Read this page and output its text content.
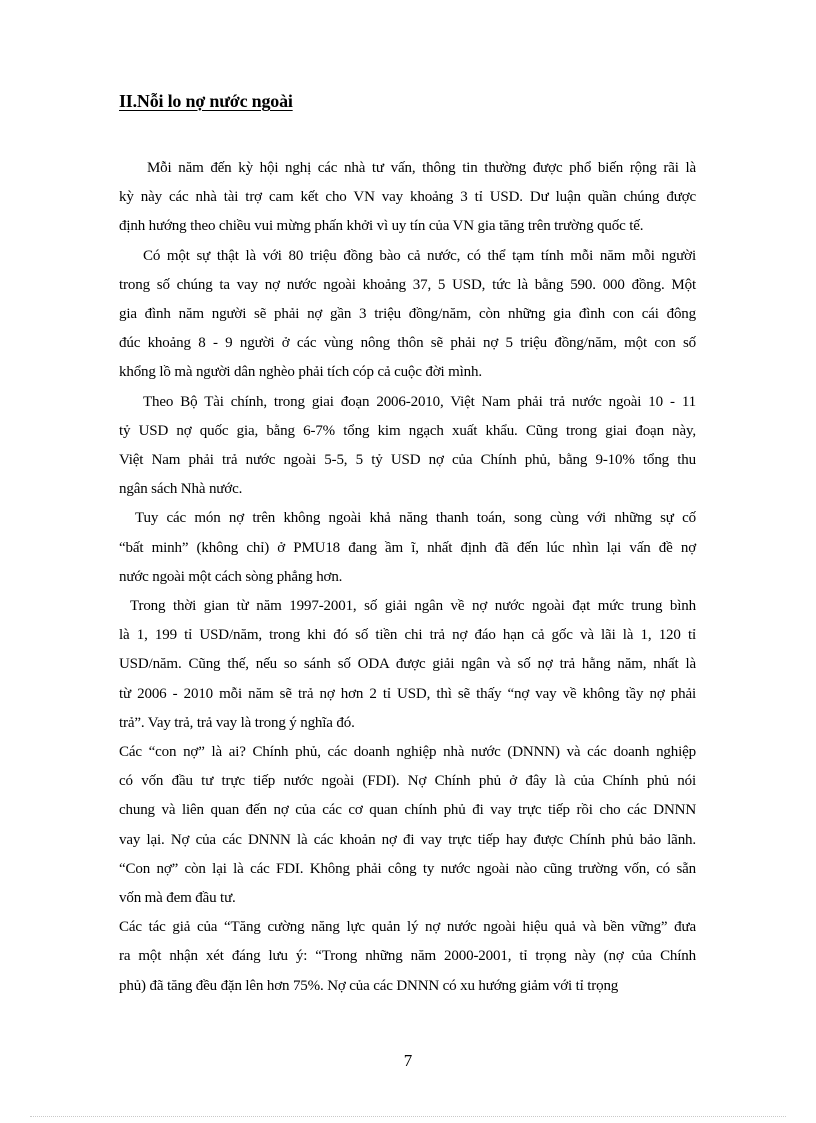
II.Nỗi lo nợ nước ngoài

Mỗi năm đến kỳ hội nghị các nhà tư vấn, thông tin thường được phổ biến rộng rãi là
kỳ này các nhà tài trợ cam kết cho VN vay khoảng 3 tỉ USD. Dư luận quần chúng được
định hướng theo chiều vui mừng phấn khởi vì uy tín của VN gia tăng trên trường quốc tế.

Có một sự thật là với 80 triệu đồng bào cả nước, có thể tạm tính mỗi năm mỗi người
trong số chúng ta vay nợ nước ngoài khoảng 37, 5 USD, tức là bằng 590. 000 đồng. Một
gia đình năm người sẽ phải nợ gần 3 triệu đồng/năm, còn những gia đình con cái đông
đúc khoảng 8 - 9 người ở các vùng nông thôn sẽ phải nợ 5 triệu đồng/năm, một con số
khổng lồ mà người dân nghèo phải tích cóp cả cuộc đời mình.

Theo Bộ Tài chính, trong giai đoạn 2006-2010, Việt Nam phải trả nước ngoài 10 - 11
tỷ USD nợ quốc gia, bằng 6-7% tổng kim ngạch xuất khẩu. Cũng trong giai đoạn này,
Việt Nam phải trả nước ngoài 5-5, 5 tỷ USD nợ của Chính phủ, bằng 9-10% tổng thu
ngân sách Nhà nước.

Tuy các món nợ trên không ngoài khả năng thanh toán, song cùng với những sự cố
“bất minh” (không chỉ) ở PMU18 đang ầm ĩ, nhất định đã đến lúc nhìn lại vấn đề nợ
nước ngoài một cách sòng phẳng hơn.

Trong thời gian từ năm 1997-2001, số giải ngân về nợ nước ngoài đạt mức trung bình
là 1, 199 tỉ USD/năm, trong khi đó số tiền chi trả nợ đáo hạn cả gốc và lãi là 1, 120 tỉ
USD/năm. Cũng thế, nếu so sánh số ODA được giải ngân và số nợ trả hằng năm, nhất là
từ 2006 - 2010 mỗi năm sẽ trả nợ hơn 2 tỉ USD, thì sẽ thấy “nợ vay về không tầy nợ phải
trả”. Vay trả, trả vay là trong ý nghĩa đó.

Các “con nợ” là ai? Chính phủ, các doanh nghiệp nhà nước (DNNN) và các doanh nghiệp
có vốn đầu tư trực tiếp nước ngoài (FDI). Nợ Chính phủ ở đây là của Chính phủ nói
chung và liên quan đến nợ của các cơ quan chính phủ đi vay trực tiếp rồi cho các DNNN
vay lại. Nợ của các DNNN là các khoản nợ đi vay trực tiếp hay được Chính phủ bảo lãnh.
“Con nợ” còn lại là các FDI. Không phải công ty nước ngoài nào cũng trường vốn, có sẵn
vốn mà đem đầu tư.

Các tác giả của “Tăng cường năng lực quản lý nợ nước ngoài hiệu quả và bền vững” đưa
ra một nhận xét đáng lưu ý: “Trong những năm 2000-2001, tỉ trọng này (nợ của Chính
phủ) đã tăng đều đặn lên hơn 75%. Nợ của các DNNN có xu hướng giảm với tỉ trọng

7
